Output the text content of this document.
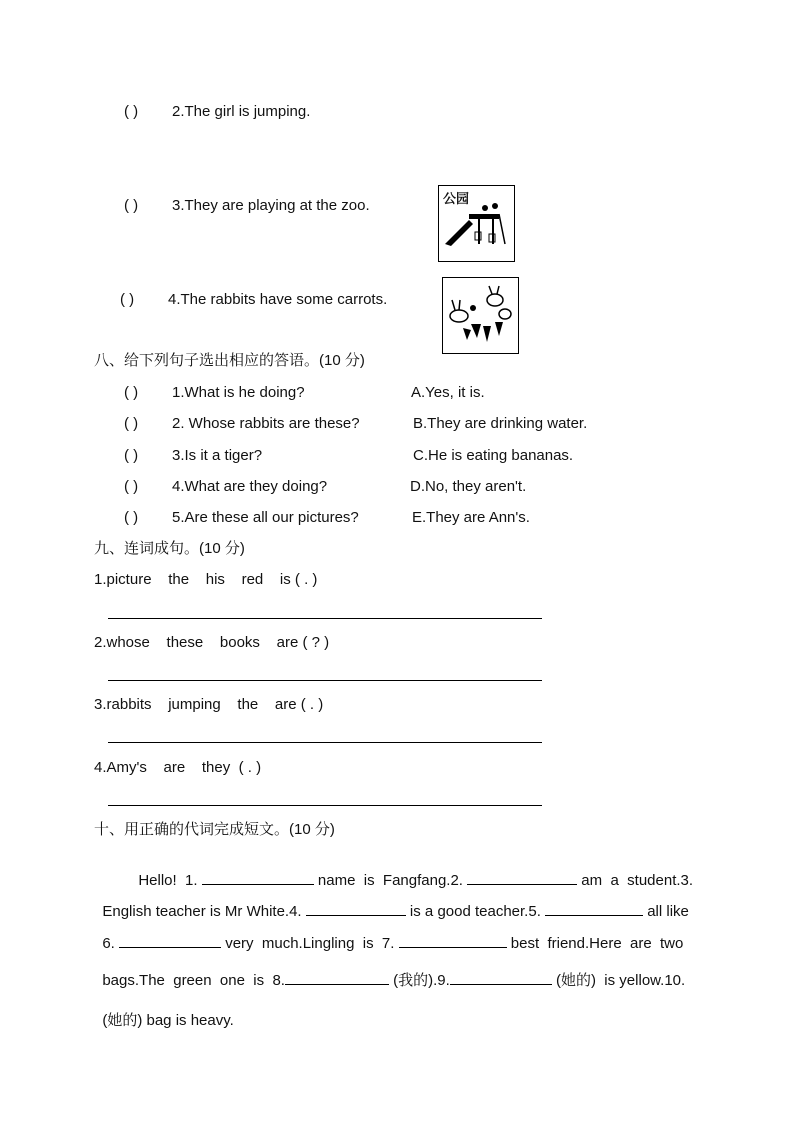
( ) 2.The girl is jumping.
( ) 3.They are playing at the zoo.	公园
( ) 4.The rabbits have some carrots.
八、给下列句子选出相应的答语。(10 分)
( ) 1.What is he doing?	A.Yes, it is.
( ) 2. Whose rabbits are these?	B.They are drinking water.
( ) 3.Is it a tiger?	C.He is eating bananas.
( ) 4.What are they doing?	D.No, they aren't.
( ) 5.Are these all our pictures?	E.They are Ann's.
九、连词成句。(10 分)
1.picture    the    his    red    is ( . )
2.whose    these    books    are ( ? )
3.rabbits    jumping    the    are ( . )
4.Amy's    are    they  ( . )
十、用正确的代词完成短文。(10 分)

Hello!  1.	name  is  Fangfang.2.	am  a  student.3.

English teacher is Mr White.4.	is a good teacher.5.	all like

6.	very  much.Lingling  is  7.	best  friend.Here  are  two

bags.The  green  one  is  8.	(我的).9.	(她的)  is yellow.10.

(她的) bag is heavy.
